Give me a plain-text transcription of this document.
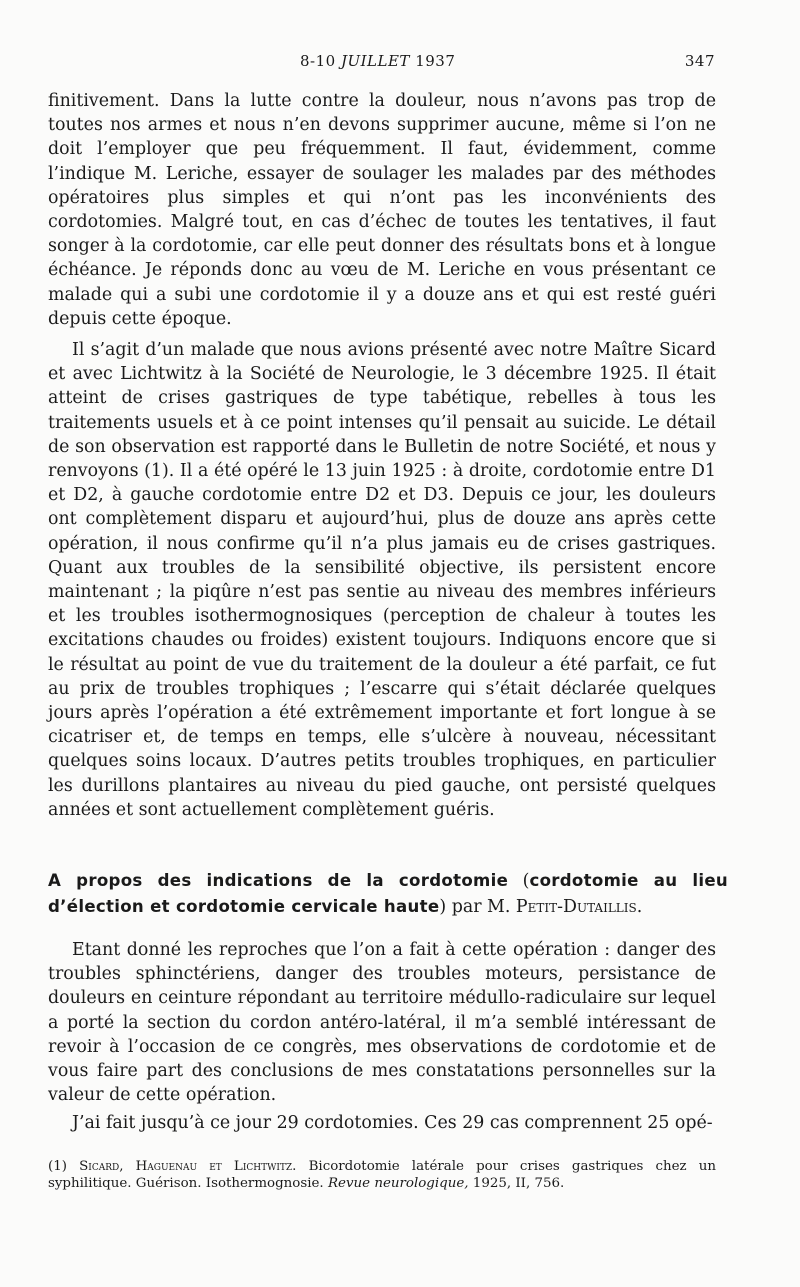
8-10 JUILLET 1937	347

finitivement. Dans la lutte contre la douleur, nous n’avons pas trop de toutes nos armes et nous n’en devons supprimer aucune, même si l’on ne doit l’employer que peu fréquemment. Il faut, évidemment, comme l’indique M. Leriche, essayer de soulager les malades par des méthodes opératoires plus simples et qui n’ont pas les inconvénients des cordotomies. Malgré tout, en cas d’échec de toutes les tentatives, il faut songer à la cordotomie, car elle peut donner des résultats bons et à longue échéance. Je réponds donc au vœu de M. Leriche en vous présentant ce malade qui a subi une cordotomie il y a douze ans et qui est resté guéri depuis cette époque.

Il s’agit d’un malade que nous avions présenté avec notre Maître Sicard et avec Lichtwitz à la Société de Neurologie, le 3 décembre 1925. Il était atteint de crises gastriques de type tabétique, rebelles à tous les traitements usuels et à ce point intenses qu’il pensait au suicide. Le détail de son observation est rapporté dans le Bulletin de notre Société, et nous y renvoyons (1). Il a été opéré le 13 juin 1925 : à droite, cordotomie entre D1 et D2, à gauche cordotomie entre D2 et D3. Depuis ce jour, les douleurs ont complètement disparu et aujourd’hui, plus de douze ans après cette opération, il nous confirme qu’il n’a plus jamais eu de crises gastriques. Quant aux troubles de la sensibilité objective, ils persistent encore maintenant ; la piqûre n’est pas sentie au niveau des membres inférieurs et les troubles isothermognosiques (perception de chaleur à toutes les excitations chaudes ou froides) existent toujours. Indiquons encore que si le résultat au point de vue du traitement de la douleur a été parfait, ce fut au prix de troubles trophiques ; l’escarre qui s’était déclarée quelques jours après l’opération a été extrêmement importante et fort longue à se cicatriser et, de temps en temps, elle s’ulcère à nouveau, nécessitant quelques soins locaux. D’autres petits troubles trophiques, en particulier les durillons plantaires au niveau du pied gauche, ont persisté quelques années et sont actuellement complètement guéris.

A propos des indications de la cordotomie (cordotomie au lieu d’élection et cordotomie cervicale haute) par M. Petit-Dutaillis.

Etant donné les reproches que l’on a fait à cette opération : danger des troubles sphinctériens, danger des troubles moteurs, persistance de douleurs en ceinture répondant au territoire médullo-radiculaire sur lequel a porté la section du cordon antéro-latéral, il m’a semblé intéressant de revoir à l’occasion de ce congrès, mes observations de cordotomie et de vous faire part des conclusions de mes constatations personnelles sur la valeur de cette opération.

J’ai fait jusqu’à ce jour 29 cordotomies. Ces 29 cas comprennent 25 opé-

(1) Sicard, Haguenau et Lichtwitz. Bicordotomie latérale pour crises gastriques chez un syphilitique. Guérison. Isothermognosie. Revue neurologique, 1925, II, 756.
